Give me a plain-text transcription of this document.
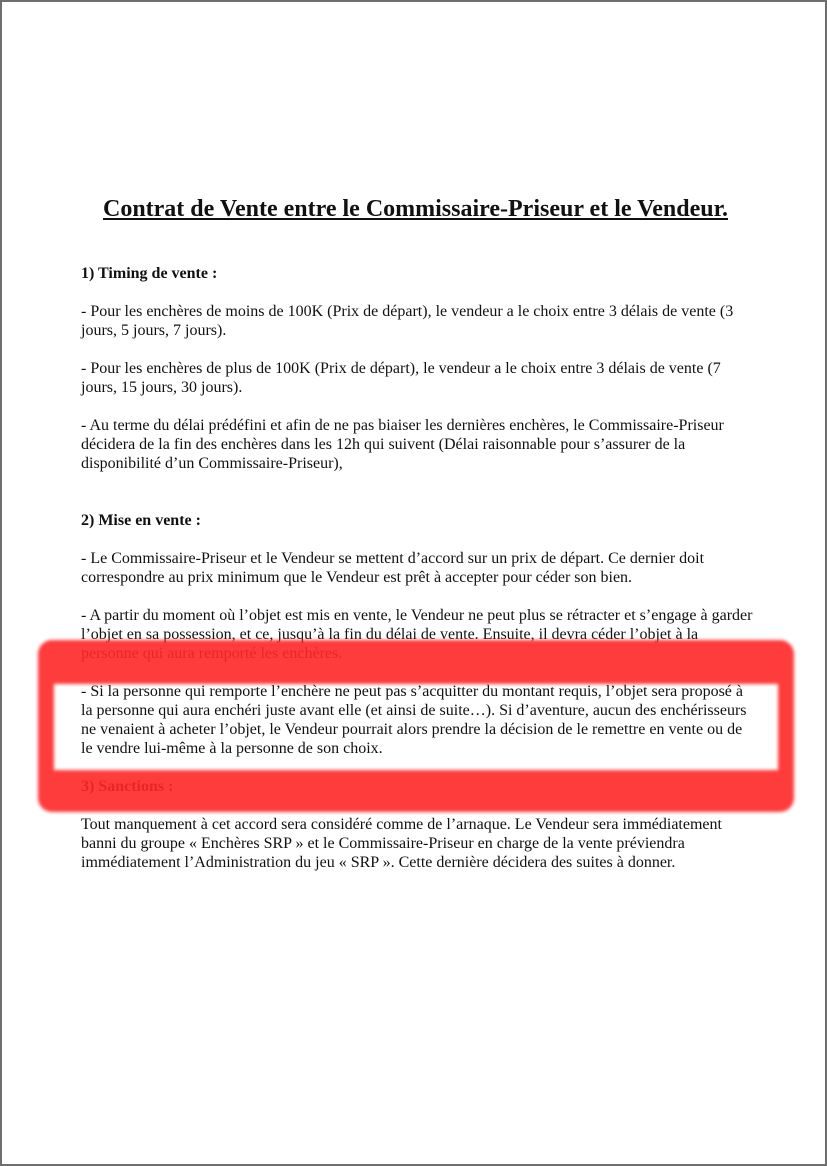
Contrat de Vente entre le Commissaire-Priseur et le Vendeur.
1) Timing de vente :

- Pour les enchères de moins de 100K (Prix de départ), le vendeur a le choix entre 3 délais de vente (3 jours, 5 jours, 7 jours).

- Pour les enchères de plus de 100K (Prix de départ), le vendeur a le choix entre 3 délais de vente (7 jours, 15 jours, 30 jours).

- Au terme du délai prédéfini et afin de ne pas biaiser les dernières enchères, le Commissaire-Priseur décidera de la fin des enchères dans les 12h qui suivent (Délai raisonnable pour s’assurer de la disponibilité d’un Commissaire-Priseur),

2) Mise en vente :

- Le Commissaire-Priseur et le Vendeur se mettent d’accord sur un prix de départ. Ce dernier doit correspondre au prix minimum que le Vendeur est prêt à accepter pour céder son bien.

- A partir du moment où l’objet est mis en vente, le Vendeur ne peut plus se rétracter et s’engage à garder l’objet en sa possession, et ce, jusqu’à la fin du délai de vente. Ensuite, il devra céder l’objet à la personne qui aura remporté les enchères.

- Si la personne qui remporte l’enchère ne peut pas s’acquitter du montant requis, l’objet sera proposé à la personne qui aura enchéri juste avant elle (et ainsi de suite…). Si d’aventure, aucun des enchérisseurs ne venaient à acheter l’objet, le Vendeur pourrait alors prendre la décision de le remettre en vente ou de le vendre lui-même à la personne de son choix.

3) Sanctions :

Tout manquement à cet accord sera considéré comme de l’arnaque. Le Vendeur sera immédiatement banni du groupe « Enchères SRP » et le Commissaire-Priseur en charge de la vente préviendra immédiatement l’Administration du jeu « SRP ». Cette dernière décidera des suites à donner.
